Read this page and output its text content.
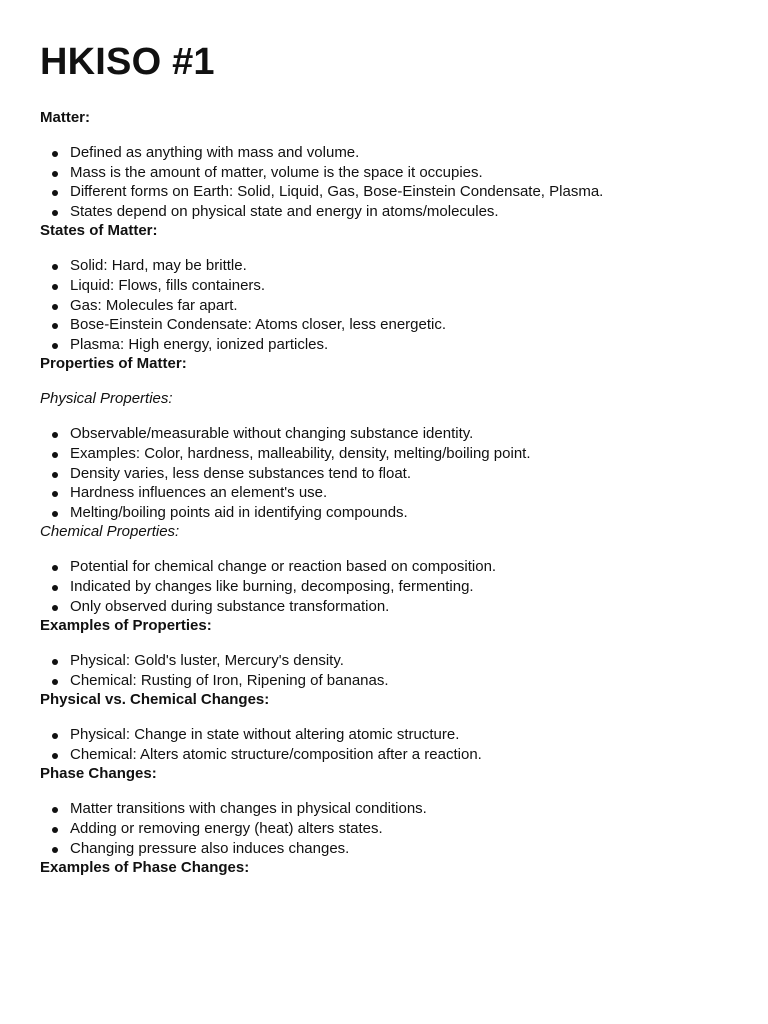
HKISO #1

Matter:

Defined as anything with mass and volume.
Mass is the amount of matter, volume is the space it occupies.
Different forms on Earth: Solid, Liquid, Gas, Bose-Einstein Condensate, Plasma.
States depend on physical state and energy in atoms/molecules.

States of Matter:

Solid: Hard, may be brittle.
Liquid: Flows, fills containers.
Gas: Molecules far apart.
Bose-Einstein Condensate: Atoms closer, less energetic.
Plasma: High energy, ionized particles.

Properties of Matter:

Physical Properties:

Observable/measurable without changing substance identity.
Examples: Color, hardness, malleability, density, melting/boiling point.
Density varies, less dense substances tend to float.
Hardness influences an element's use.
Melting/boiling points aid in identifying compounds.

Chemical Properties:

Potential for chemical change or reaction based on composition.
Indicated by changes like burning, decomposing, fermenting.
Only observed during substance transformation.

Examples of Properties:

Physical: Gold's luster, Mercury's density.
Chemical: Rusting of Iron, Ripening of bananas.

Physical vs. Chemical Changes:

Physical: Change in state without altering atomic structure.
Chemical: Alters atomic structure/composition after a reaction.

Phase Changes:

Matter transitions with changes in physical conditions.
Adding or removing energy (heat) alters states.
Changing pressure also induces changes.

Examples of Phase Changes:
